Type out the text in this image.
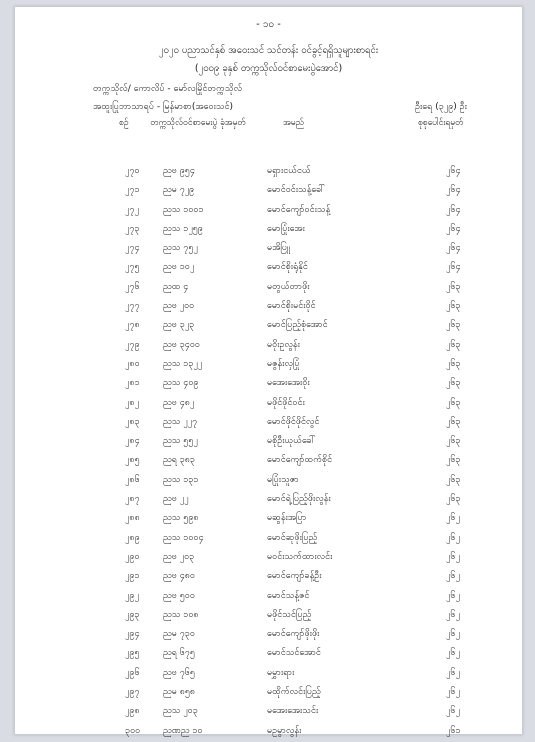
- ၁၀ -
၂၀၂၀ ပညာသင်နှစ် အဝေးသင် သင်တန်း ဝင်ခွင့်ရရှိသူများစာရင်း
(၂၀၀၉ ခုနှစ် တက္ကသိုလ်ဝင်စာမေးပွဲအောင်)
တက္ကသိုလ်/ ကောလိပ် - မော်လမြိုင်တက္ကသိုလ်
အထူးပြုဘာသာရပ် - မြန်မာစာ(အဝေးသင်)	ဦးရေ (၃၂၉) ဦး
စဉ်	တက္ကသိုလ်ဝင်စာမေးပွဲ ခုံအမှတ်	အမည်	စုစုပေါင်းရမှတ်
၂၇၀	ညဗ ၉၅၄	မရှားငယ်ငယ်	၂၆၄
၂၇၁	ညမ ၇၂၉	မောင်ဝင်းသန့်ခေါ်	၂၆၄
၂၇၂	ညသ ၁၀၀၁	မောင်ကျော်ဝင်းသန့်	၂၆၄
၂၇၃	ညသ ၁၂၅၉	မောပြုံးအေး	၂၆၄
၂၇၄	ညသ ၇၅၂	မအိပြူ	၂၆၄
၂၇၅	ညဗ ၁၀၂	မောင်စိုးရုံနိုင်	၂၆၄
၂၇၆	ညထ ၄	မတွယ်တာဖိုး	၂၆၃
၂၇၇	ညဗ ၂၀၀	မောင်စိုးမင်းဝိုင်	၂၆၃
၂၇၈	ညဗ ၃၂၃	မောင်ပြည့်စုံအောင်	၂၆၃
၂၇၉	ညဗ ၃၄၀၀	မဝိုးဥလွန်း	၂၆၃
၂၈၀	ညသ ၁၃၂၂	မဇွန်းလှပြုံ	၂၆၃
၂၈၁	ညသ ၄၀၉	မအေးအေးဝိုး	၂၆၃
၂၈၂	ညဗ ၄၈၂	မဖိုင်ဖိုင်ဝင်း	၂၆၃
၂၈၃	ညသ ၂၂၇	မောင်ဖိုင်ဖိုင်လွင်	၂၆၃
၂၈၄	ညသ ၅၅၂	မစိုဦးယုယ်ခေါ်	၂၆၃
၂၈၅	ညရ ၃၈၃	မောင်ကျော်ထက်စိုင်	၂၆၃
၂၈၆	ညသ ၁၃၁	မပြုံးသူဇာ	၂၆၃
၂၈၇	ညဗ ၂၂	မောင်ရဲ့ပြည့်ဖိုးလွန်း	၂၆၃
၂၈၈	ညသ ၅၉၈	မဆွန်းအပြာ	၂၆၂
၂၈၉	ညသ ၁၀၀၄	မောင်ဆုဖိုးပြည့်	၂၆၂
၂၉၀	ညဗ ၂၀၃	မဝင်းသက်ထားလင်း	၂၆၂
၂၉၁	ညဗ ၄၈၀	မောင်ကျော်ခန့်ဦး	၂၆၂
၂၉၂	ညဗ ၅၀၀	မောင်သန့်ဇင်	၂၆၂
၂၉၃	ညသ ၁၀၈	မဖိုင်သင်ပြည့်	၂၆၂
၂၉၄	ညမ ၇၃၀	မောင်ကျော်ဖိုးဖိုး	၂၆၂
၂၉၅	ညရ ၆၇၅	မောင်သင်အောင်	၂၆၂
၂၉၆	ညဗ ၇၆၅	မမွှားရား	၂၆၂
၂၉၇	ညမ ၈၅၈	မထိုက်လင်းပြည့်	၂၆၂
၂၉၈	ညသ ၂၀၃	မအေးအေးသင်း	၂၆၂
၃၀၀	ညဏည ၁၀	မဥမွာလွန်း	၂၆၁
